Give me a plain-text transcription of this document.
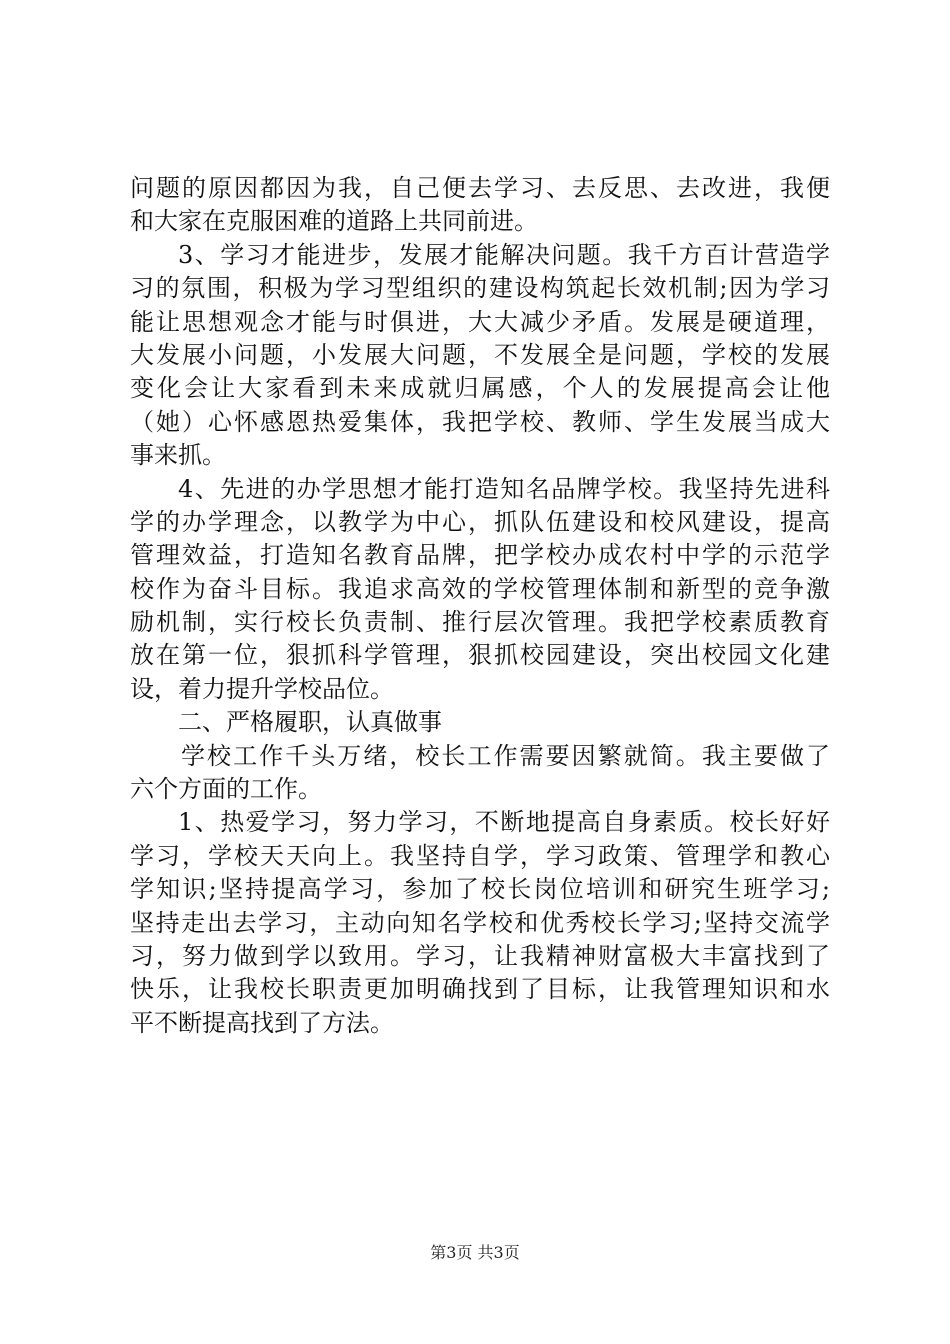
问题的原因都因为我，自己便去学习、去反思、去改进，我便
和大家在克服困难的道路上共同前进。
3、学习才能进步，发展才能解决问题。我千方百计营造学
习的氛围，积极为学习型组织的建设构筑起长效机制;因为学习
能让思想观念才能与时俱进，大大减少矛盾。发展是硬道理，
大发展小问题，小发展大问题，不发展全是问题，学校的发展
变化会让大家看到未来成就归属感，个人的发展提高会让他
（她）心怀感恩热爱集体，我把学校、教师、学生发展当成大
事来抓。
4、先进的办学思想才能打造知名品牌学校。我坚持先进科
学的办学理念，以教学为中心，抓队伍建设和校风建设，提高
管理效益，打造知名教育品牌，把学校办成农村中学的示范学
校作为奋斗目标。我追求高效的学校管理体制和新型的竞争激
励机制，实行校长负责制、推行层次管理。我把学校素质教育
放在第一位，狠抓科学管理，狠抓校园建设，突出校园文化建
设，着力提升学校品位。
二、严格履职，认真做事
学校工作千头万绪，校长工作需要因繁就简。我主要做了
六个方面的工作。
1、热爱学习，努力学习，不断地提高自身素质。校长好好
学习，学校天天向上。我坚持自学，学习政策、管理学和教心
学知识;坚持提高学习，参加了校长岗位培训和研究生班学习;
坚持走出去学习，主动向知名学校和优秀校长学习;坚持交流学
习，努力做到学以致用。学习，让我精神财富极大丰富找到了
快乐，让我校长职责更加明确找到了目标，让我管理知识和水
平不断提高找到了方法。
第3页 共3页
